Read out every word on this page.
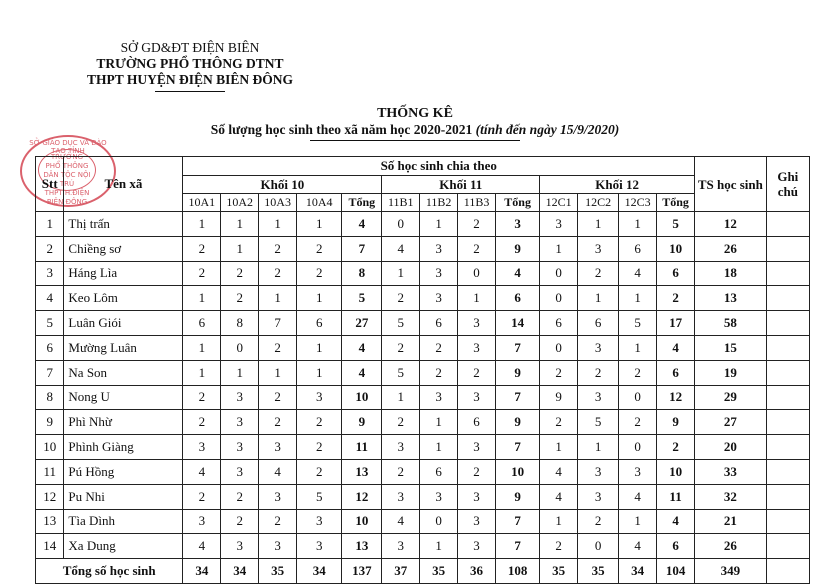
SỞ GD&ĐT ĐIỆN BIÊN
TRƯỜNG PHỔ THÔNG DTNT
THPT HUYỆN ĐIỆN BIÊN ĐÔNG
THỐNG KÊ
Số lượng học sinh theo xã năm học 2020-2021 (tính đến ngày 15/9/2020)
SỞ GIÁO DỤC VÀ ĐÀO TẠO TỈNH
TRƯỜNG
PHỔ THÔNG
DÂN TỘC NỘI TRÚ
THPT H.ĐIỆN BIÊN ĐÔNG
Stt	Tên xã	Số học sinh chia theo													TS học sinh	Ghi chú
		Khối 10					Khối 11				Khối 12					
		10A1	10A2	10A3	10A4	Tổng	11B1	11B2	11B3	Tổng	12C1	12C2	12C3	Tổng		
1	Thị trấn	1	1	1	1	4	0	1	2	3	3	1	1	5	12	
2	Chiềng sơ	2	1	2	2	7	4	3	2	9	1	3	6	10	26	
3	Háng Lìa	2	2	2	2	8	1	3	0	4	0	2	4	6	18	
4	Keo Lôm	1	2	1	1	5	2	3	1	6	0	1	1	2	13	
5	Luân Giói	6	8	7	6	27	5	6	3	14	6	6	5	17	58	
6	Mường Luân	1	0	2	1	4	2	2	3	7	0	3	1	4	15	
7	Na Son	1	1	1	1	4	5	2	2	9	2	2	2	6	19	
8	Nong U	2	3	2	3	10	1	3	3	7	9	3	0	12	29	
9	Phì Nhừ	2	3	2	2	9	2	1	6	9	2	5	2	9	27	
10	Phình Giàng	3	3	3	2	11	3	1	3	7	1	1	0	2	20	
11	Pú Hồng	4	3	4	2	13	2	6	2	10	4	3	3	10	33	
12	Pu Nhi	2	2	3	5	12	3	3	3	9	4	3	4	11	32	
13	Tìa Dình	3	2	2	3	10	4	0	3	7	1	2	1	4	21	
14	Xa Dung	4	3	3	3	13	3	1	3	7	2	0	4	6	26	
Tổng số học sinh		34	34	35	34	137	37	35	36	108	35	35	34	104	349	
